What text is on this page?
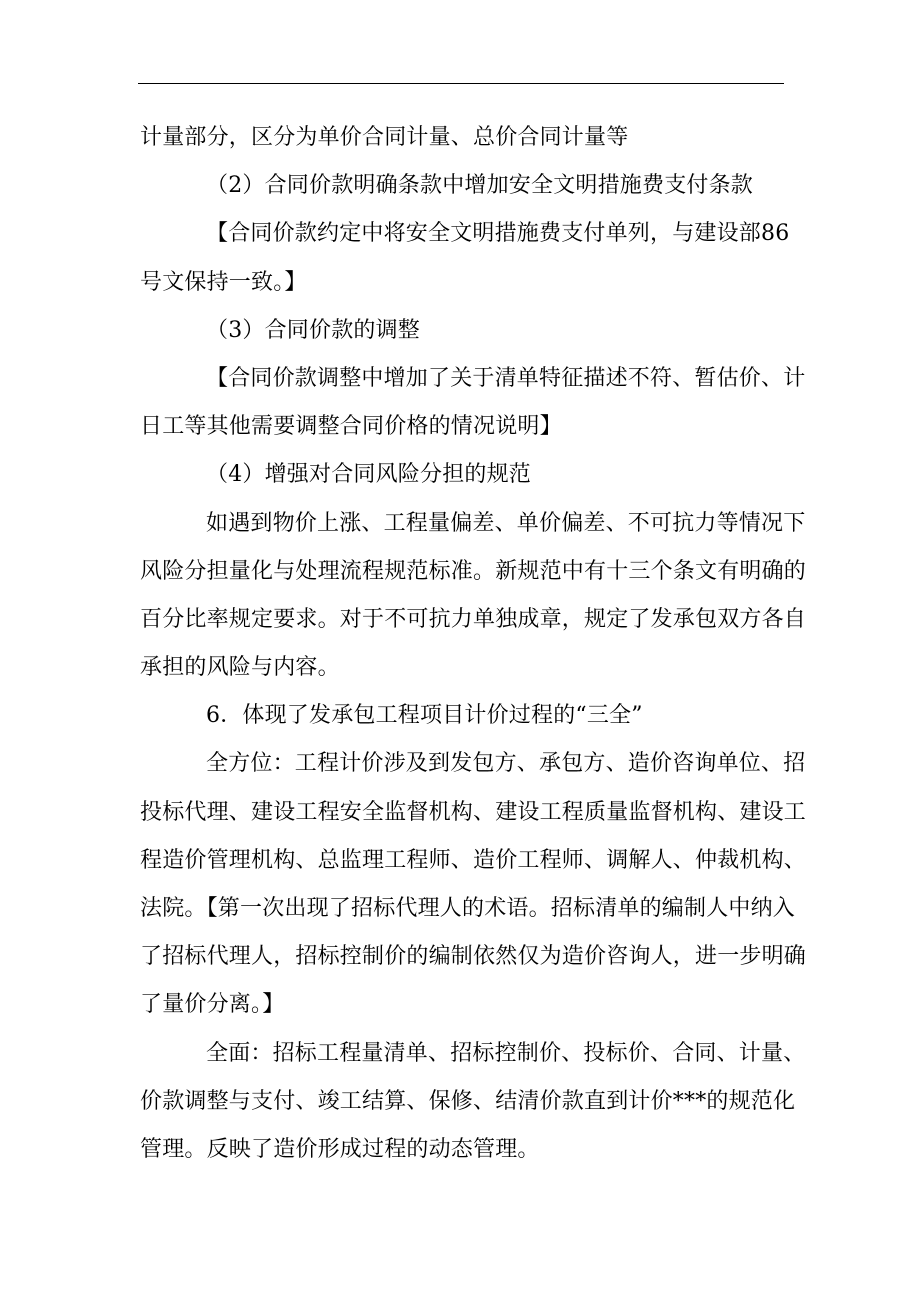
计量部分，区分为单价合同计量、总价合同计量等
（2）合同价款明确条款中增加安全文明措施费支付条款
【合同价款约定中将安全文明措施费支付单列，与建设部86
号文保持一致。】
（3）合同价款的调整
【合同价款调整中增加了关于清单特征描述不符、暂估价、计
日工等其他需要调整合同价格的情况说明】
（4）增强对合同风险分担的规范
如遇到物价上涨、工程量偏差、单价偏差、不可抗力等情况下
风险分担量化与处理流程规范标准。新规范中有十三个条文有明确的
百分比率规定要求。对于不可抗力单独成章，规定了发承包双方各自
承担的风险与内容。
6．体现了发承包工程项目计价过程的“三全”
全方位：工程计价涉及到发包方、承包方、造价咨询单位、招
投标代理、建设工程安全监督机构、建设工程质量监督机构、建设工
程造价管理机构、总监理工程师、造价工程师、调解人、仲裁机构、
法院。【第一次出现了招标代理人的术语。招标清单的编制人中纳入
了招标代理人，招标控制价的编制依然仅为造价咨询人，进一步明确
了量价分离。】
全面：招标工程量清单、招标控制价、投标价、合同、计量、
价款调整与支付、竣工结算、保修、结清价款直到计价***的规范化
管理。反映了造价形成过程的动态管理。
